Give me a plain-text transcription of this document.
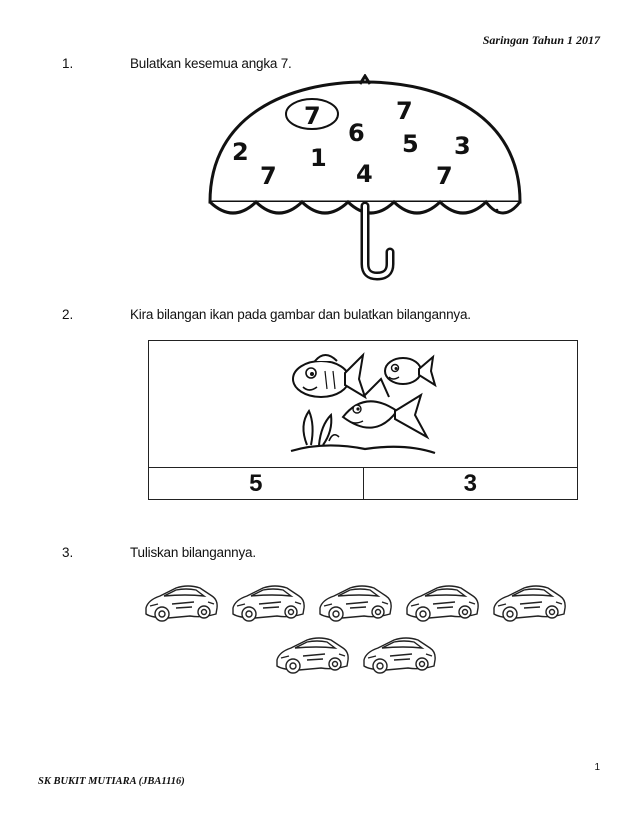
Saringan Tahun 1 2017
1.	Bulatkan kesemua angka 7.
7	7
6 5 3
2	1
4
7	7
2.	Kira bilangan ikan pada gambar dan bulatkan bilangannya.
5	3
3.	Tuliskan bilangannya.
1
SK BUKIT MUTIARA (JBA1116)
